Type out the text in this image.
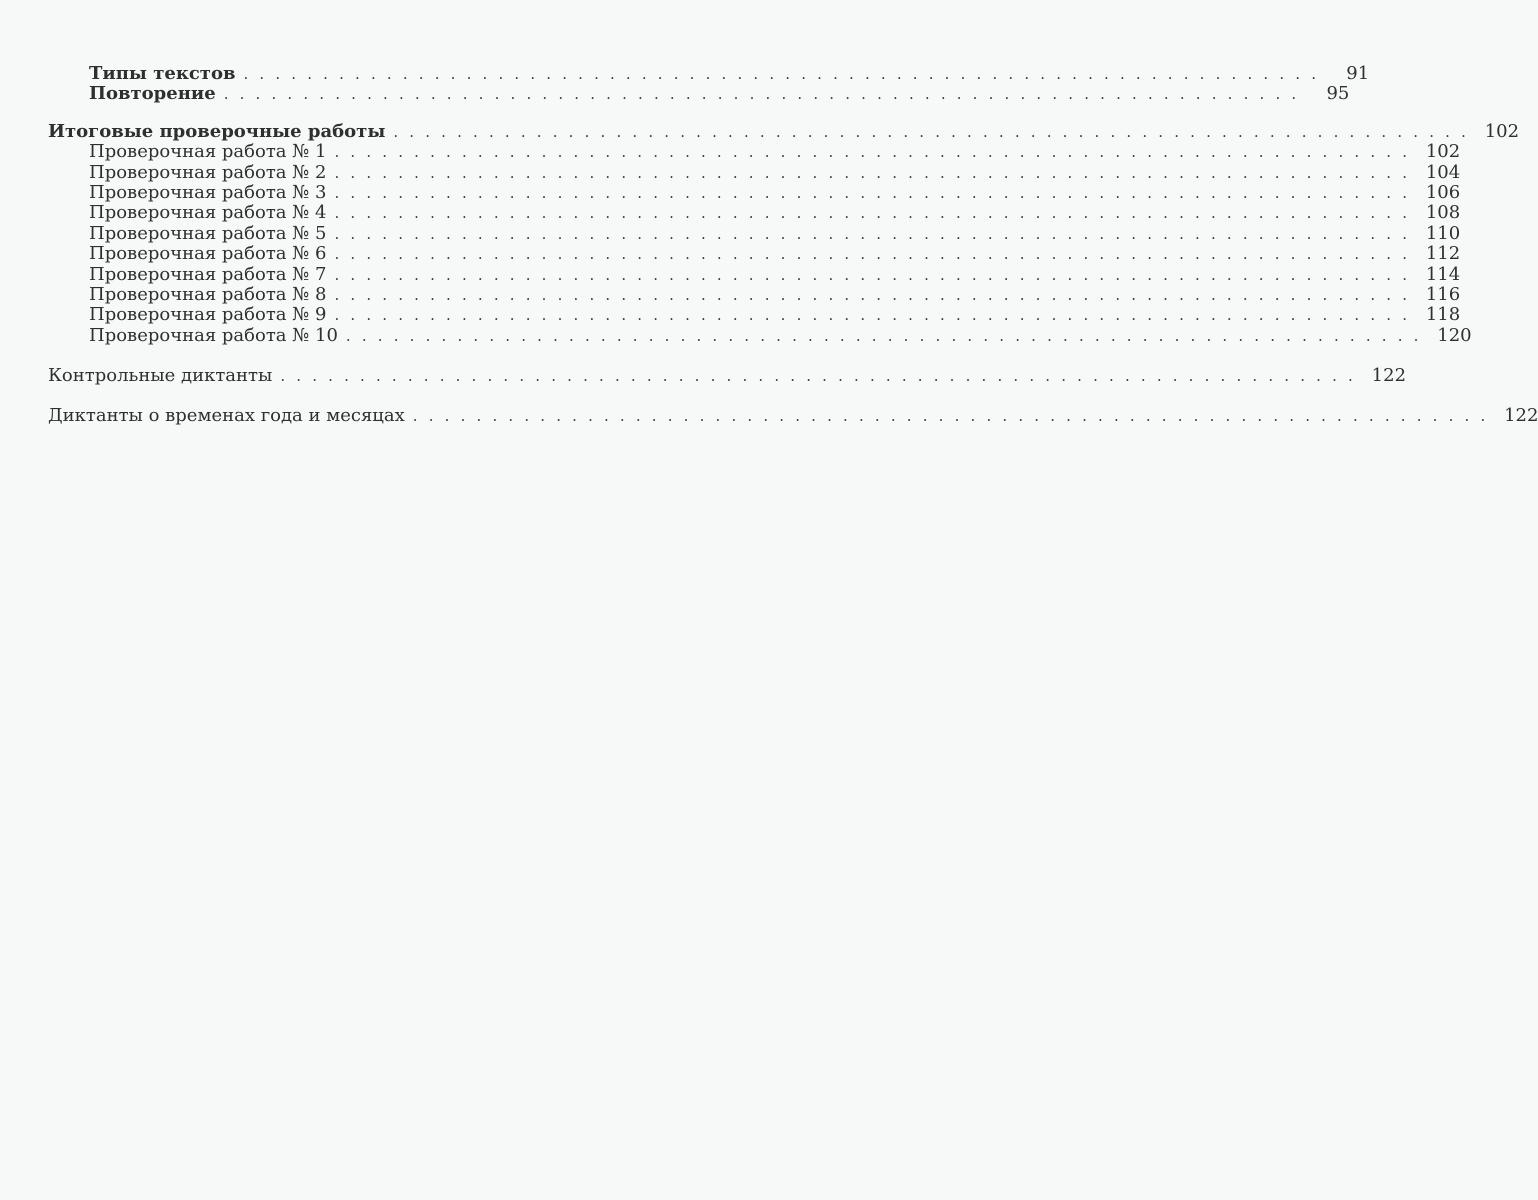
Типы текстов . . . . . . . . . . . . . . . . . . . . . . . . . . . . . . . . . . . . . . . . . . . . . . . . . . . . . . . . . . . . . . . . . . . .	91
Повторение . . . . . . . . . . . . . . . . . . . . . . . . . . . . . . . . . . . . . . . . . . . . . . . . . . . . . . . . . . . . . . . . . . . .	95
Итоговые проверочные работы . . . . . . . . . . . . . . . . . . . . . . . . . . . . . . . . . . . . . . . . . . . . . . . . . . . . . . . . . . . . . . . . . . . . 102
Проверочная работа № 1 . . . . . . . . . . . . . . . . . . . . . . . . . . . . . . . . . . . . . . . . . . . . . . . . . . . . . . . . . . . . . . . . . . . . 102
Проверочная работа № 2 . . . . . . . . . . . . . . . . . . . . . . . . . . . . . . . . . . . . . . . . . . . . . . . . . . . . . . . . . . . . . . . . . . . . 104
Проверочная работа № 3 . . . . . . . . . . . . . . . . . . . . . . . . . . . . . . . . . . . . . . . . . . . . . . . . . . . . . . . . . . . . . . . . . . . . 106
Проверочная работа № 4 . . . . . . . . . . . . . . . . . . . . . . . . . . . . . . . . . . . . . . . . . . . . . . . . . . . . . . . . . . . . . . . . . . . . 108
Проверочная работа № 5 . . . . . . . . . . . . . . . . . . . . . . . . . . . . . . . . . . . . . . . . . . . . . . . . . . . . . . . . . . . . . . . . . . . . 110
Проверочная работа № 6 . . . . . . . . . . . . . . . . . . . . . . . . . . . . . . . . . . . . . . . . . . . . . . . . . . . . . . . . . . . . . . . . . . . . 112
Проверочная работа № 7 . . . . . . . . . . . . . . . . . . . . . . . . . . . . . . . . . . . . . . . . . . . . . . . . . . . . . . . . . . . . . . . . . . . . 114
Проверочная работа № 8 . . . . . . . . . . . . . . . . . . . . . . . . . . . . . . . . . . . . . . . . . . . . . . . . . . . . . . . . . . . . . . . . . . . . 116
Проверочная работа № 9 . . . . . . . . . . . . . . . . . . . . . . . . . . . . . . . . . . . . . . . . . . . . . . . . . . . . . . . . . . . . . . . . . . . . 118
Проверочная работа № 10 . . . . . . . . . . . . . . . . . . . . . . . . . . . . . . . . . . . . . . . . . . . . . . . . . . . . . . . . . . . . . . . . . . . . 120
Контрольные диктанты . . . . . . . . . . . . . . . . . . . . . . . . . . . . . . . . . . . . . . . . . . . . . . . . . . . . . . . . . . . . . . . . . . . . 122
Диктанты о временах года и месяцах . . . . . . . . . . . . . . . . . . . . . . . . . . . . . . . . . . . . . . . . . . . . . . . . . . . . . . . . . . . . . . . . . . . . 122
